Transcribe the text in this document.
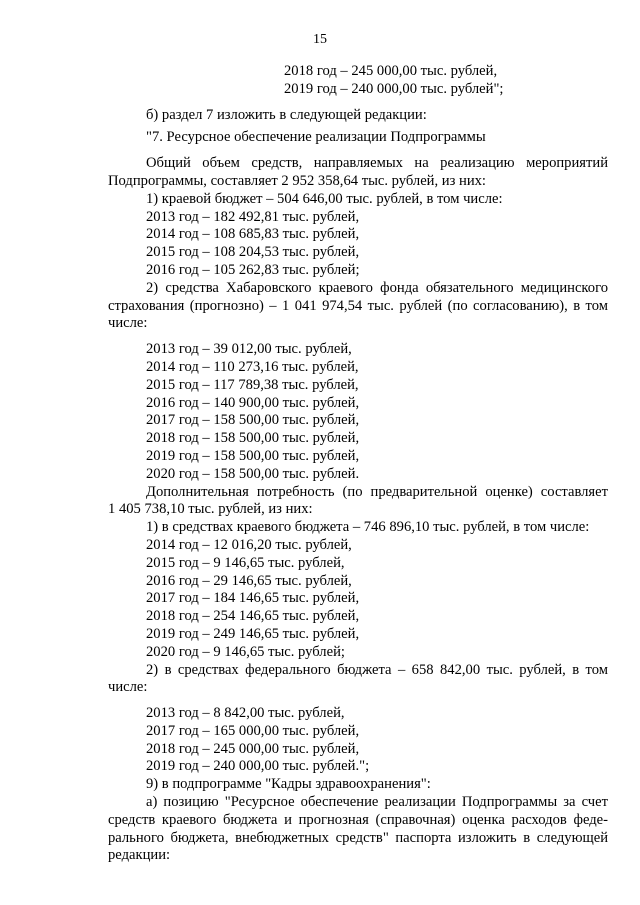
15
2018 год – 245 000,00 тыс. рублей,
2019 год – 240 000,00 тыс. рублей";
б) раздел 7 изложить в следующей редакции:
"7. Ресурсное обеспечение реализации Подпрограммы
Общий объем средств, направляемых на реализацию мероприятий
Подпрограммы, составляет 2 952 358,64 тыс. рублей, из них:
1) краевой бюджет – 504 646,00 тыс. рублей, в том числе:
2013 год – 182 492,81 тыс. рублей,
2014 год – 108 685,83 тыс. рублей,
2015 год – 108 204,53 тыс. рублей,
2016 год – 105 262,83 тыс. рублей;
2) средства Хабаровского краевого фонда обязательного медицинского
страхования (прогнозно) – 1 041 974,54 тыс. рублей (по согласованию), в том
числе:
2013 год – 39 012,00 тыс. рублей,
2014 год – 110 273,16 тыс. рублей,
2015 год – 117 789,38 тыс. рублей,
2016 год – 140 900,00 тыс. рублей,
2017 год – 158 500,00 тыс. рублей,
2018 год – 158 500,00 тыс. рублей,
2019 год – 158 500,00 тыс. рублей,
2020 год – 158 500,00 тыс. рублей.
Дополнительная потребность (по предварительной оценке) составляет
1 405 738,10 тыс. рублей, из них:
1) в средствах краевого бюджета – 746 896,10 тыс. рублей, в том числе:
2014 год – 12 016,20 тыс. рублей,
2015 год – 9 146,65 тыс. рублей,
2016 год – 29 146,65 тыс. рублей,
2017 год – 184 146,65 тыс. рублей,
2018 год – 254 146,65 тыс. рублей,
2019 год – 249 146,65 тыс. рублей,
2020 год – 9 146,65 тыс. рублей;
2) в средствах федерального бюджета – 658 842,00 тыс. рублей, в том
числе:
2013 год – 8 842,00 тыс. рублей,
2017 год – 165 000,00 тыс. рублей,
2018 год – 245 000,00 тыс. рублей,
2019 год – 240 000,00 тыс. рублей.";
9) в подпрограмме "Кадры здравоохранения":
а) позицию "Ресурсное обеспечение реализации Подпрограммы за счет
средств краевого бюджета и прогнозная (справочная) оценка расходов феде-
рального бюджета, внебюджетных средств" паспорта изложить в следующей
редакции:
